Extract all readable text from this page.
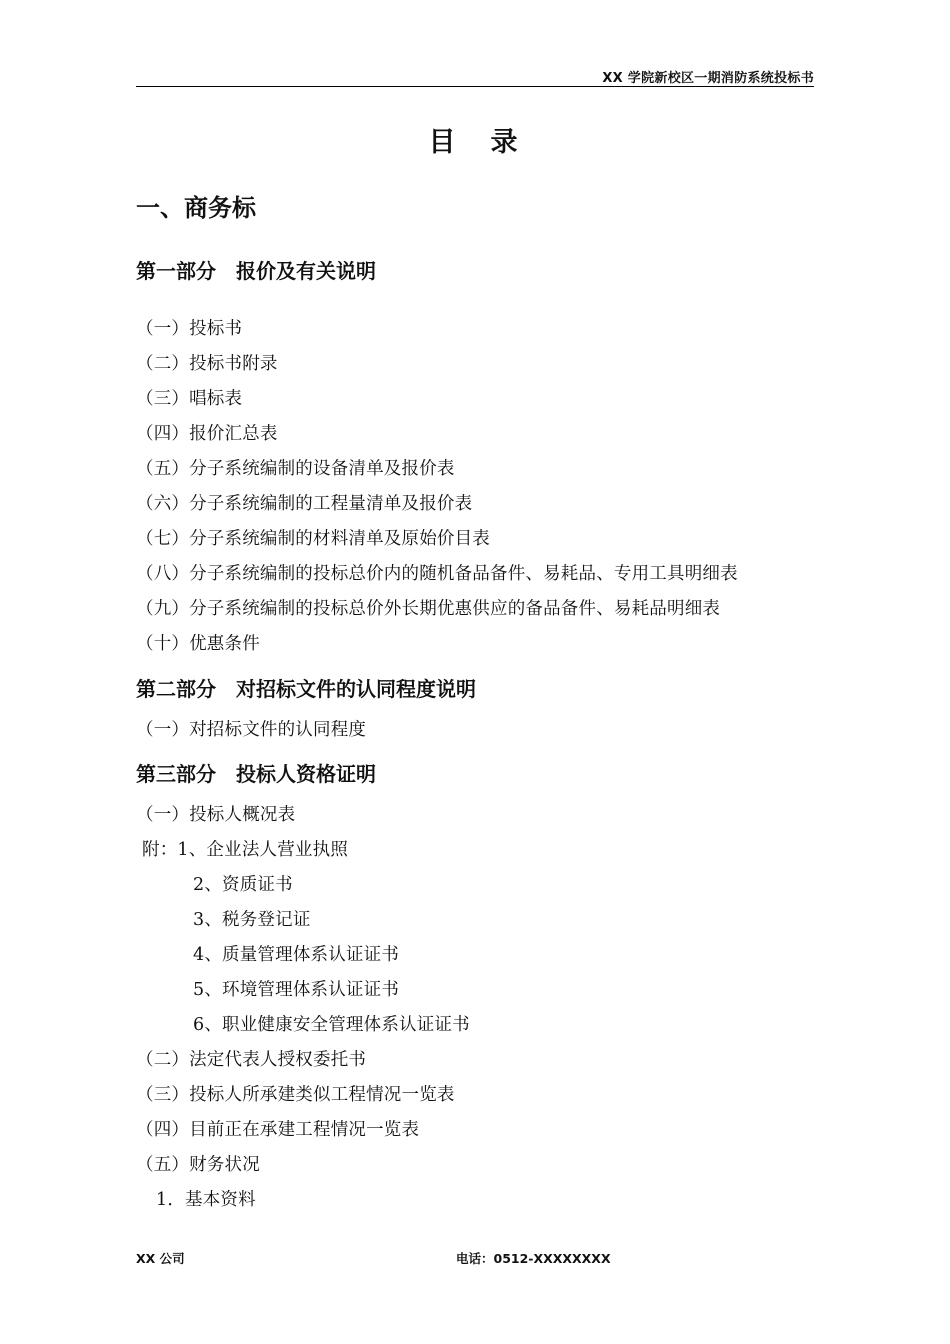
XX 学院新校区一期消防系统投标书
目　录
一、商务标
第一部分　报价及有关说明
（一）投标书
（二）投标书附录
（三）唱标表
（四）报价汇总表
（五）分子系统编制的设备清单及报价表
（六）分子系统编制的工程量清单及报价表
（七）分子系统编制的材料清单及原始价目表
（八）分子系统编制的投标总价内的随机备品备件、易耗品、专用工具明细表
（九）分子系统编制的投标总价外长期优惠供应的备品备件、易耗品明细表
（十）优惠条件
第二部分　对招标文件的认同程度说明
（一）对招标文件的认同程度
第三部分　投标人资格证明
（一）投标人概况表
附：1、企业法人营业执照
2、资质证书
3、税务登记证
4、质量管理体系认证证书
5、环境管理体系认证证书
6、职业健康安全管理体系认证证书
（二）法定代表人授权委托书
（三）投标人所承建类似工程情况一览表
（四）目前正在承建工程情况一览表
（五）财务状况
1．基本资料
XX 公司	电话：0512-XXXXXXXX
